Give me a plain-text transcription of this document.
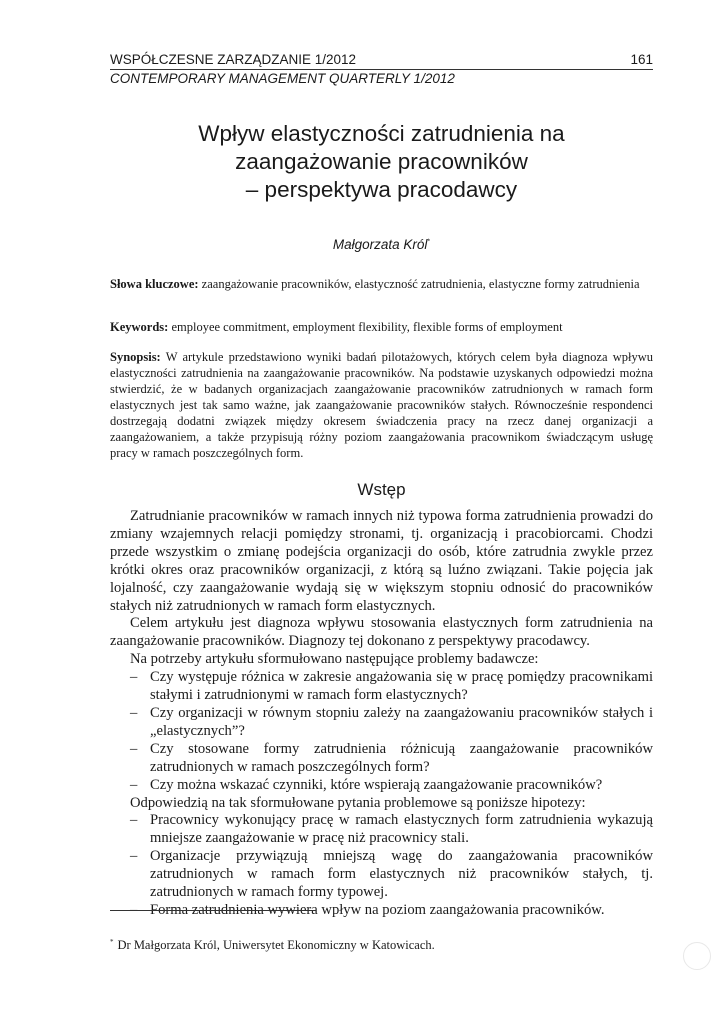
WSPÓŁCZESNE ZARZĄDZANIE 1/2012	161
CONTEMPORARY MANAGEMENT QUARTERLY 1/2012
Wpływ elastyczności zatrudnienia na
zaangażowanie pracowników
– perspektywa pracodawcy
Małgorzata Król*
Słowa kluczowe: zaangażowanie pracowników, elastyczność zatrudnienia, elastyczne formy zatrudnienia
Keywords: employee commitment, employment flexibility, flexible forms of employment
Synopsis: W artykule przedstawiono wyniki badań pilotażowych, których celem była diagnoza wpływu elastyczności zatrudnienia na zaangażowanie pracowników. Na podstawie uzyskanych odpowiedzi można stwierdzić, że w badanych organizacjach zaangażowanie pracowników zatrudnionych w ramach form elastycznych jest tak samo ważne, jak zaangażowanie pracowników stałych. Równocześnie respondenci dostrzegają dodatni związek między okresem świadczenia pracy na rzecz danej organizacji a zaangażowaniem, a także przypisują różny poziom zaangażowania pracownikom świadczącym usługę pracy w ramach poszczególnych form.
Wstęp

Zatrudnianie pracowników w ramach innych niż typowa forma zatrudnienia prowadzi do zmiany wzajemnych relacji pomiędzy stronami, tj. organizacją i pracobiorcami. Chodzi przede wszystkim o zmianę podejścia organizacji do osób, które zatrudnia zwykle przez krótki okres oraz pracowników organizacji, z którą są luźno związani. Takie pojęcia jak lojalność, czy zaangażowanie wydają się w większym stopniu odnosić do pracowników stałych niż zatrudnionych w ramach form elastycznych.

Celem artykułu jest diagnoza wpływu stosowania elastycznych form zatrudnienia na zaangażowanie pracowników. Diagnozy tej dokonano z perspektywy pracodawcy.

Na potrzeby artykułu sformułowano następujące problemy badawcze:

– Czy występuje różnica w zakresie angażowania się w pracę pomiędzy pracownikami stałymi i zatrudnionymi w ramach form elastycznych?
– Czy organizacji w równym stopniu zależy na zaangażowaniu pracowników stałych i „elastycznych”?
– Czy stosowane formy zatrudnienia różnicują zaangażowanie pracowników zatrudnionych w ramach poszczególnych form?
– Czy można wskazać czynniki, które wspierają zaangażowanie pracowników?

Odpowiedzią na tak sformułowane pytania problemowe są poniższe hipotezy:

– Pracownicy wykonujący pracę w ramach elastycznych form zatrudnienia wykazują mniejsze zaangażowanie w pracę niż pracownicy stali.
– Organizacje przywiązują mniejszą wagę do zaangażowania pracowników zatrudnionych w ramach form elastycznych niż pracowników stałych, tj. zatrudnionych w ramach formy typowej.
– Forma zatrudnienia wywiera wpływ na poziom zaangażowania pracowników.
* Dr Małgorzata Król, Uniwersytet Ekonomiczny w Katowicach.
